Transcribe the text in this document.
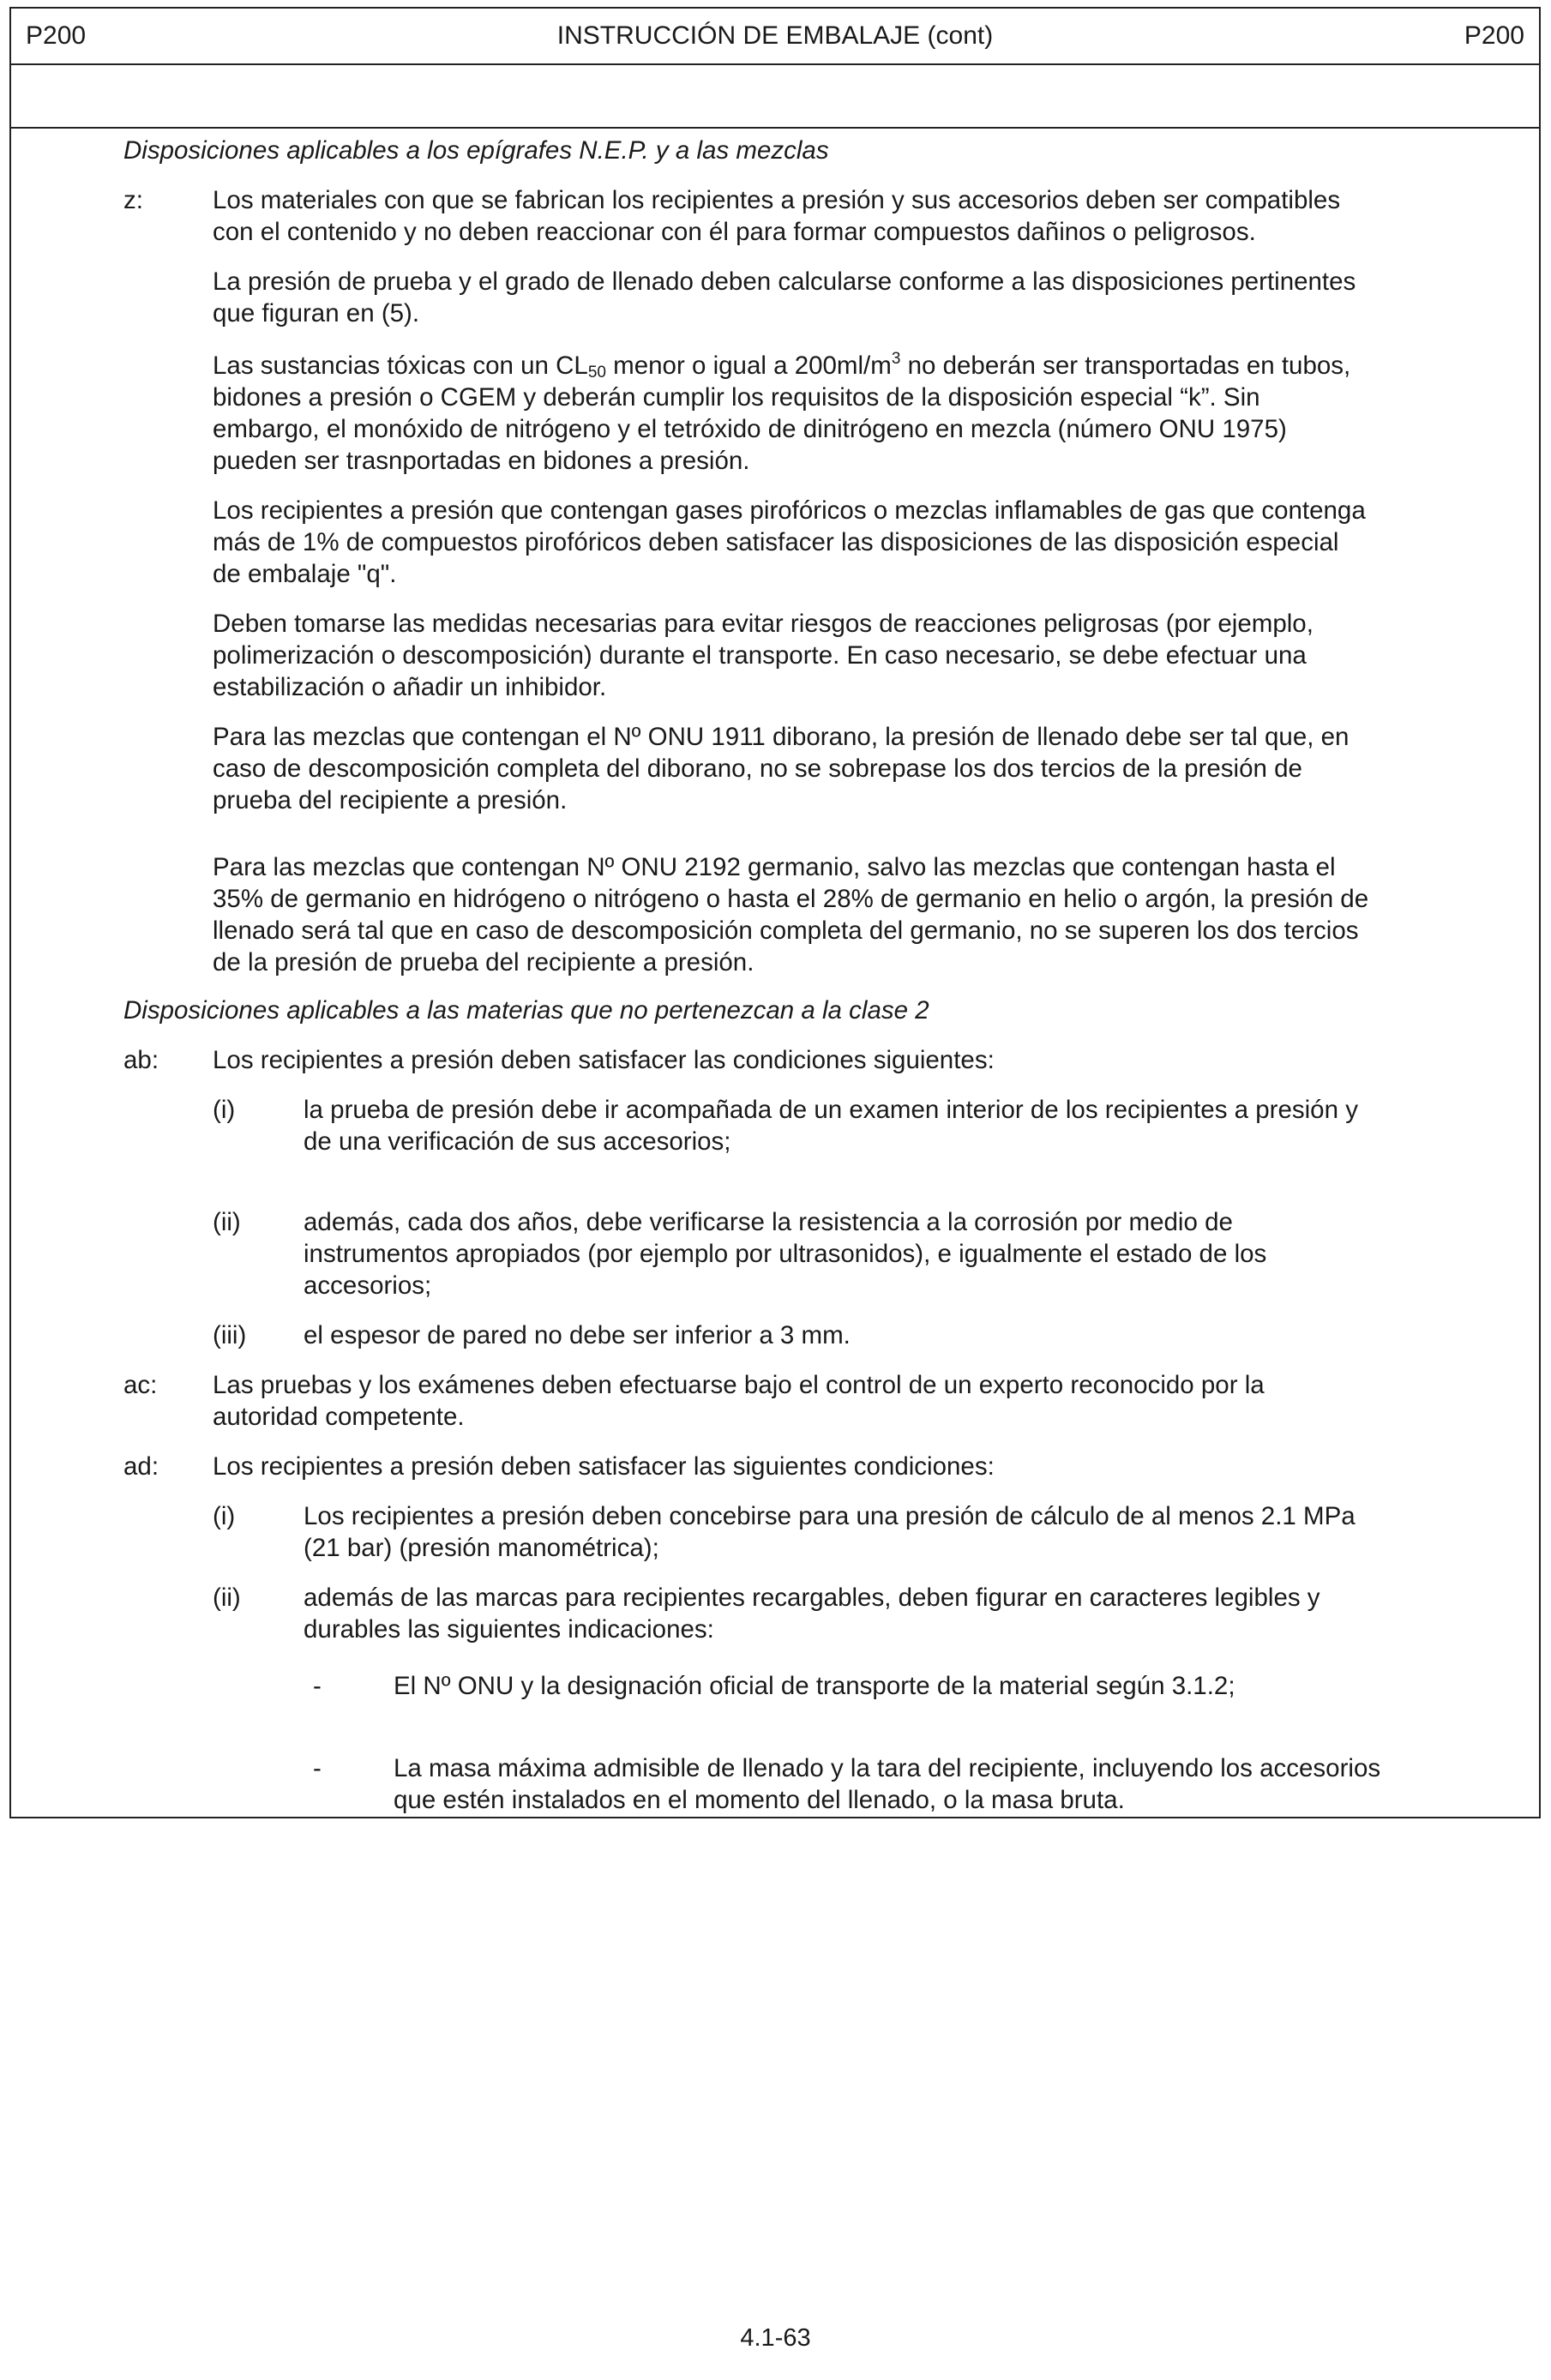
P200	INSTRUCCIÓN DE EMBALAJE (cont)	P200
Disposiciones aplicables a los epígrafes N.E.P. y a las mezclas
z:	Los materiales con que se fabrican los recipientes a presión y sus accesorios deben ser compatibles
con el contenido y no deben reaccionar con él para formar compuestos dañinos o peligrosos.
La presión de prueba y el grado de llenado deben calcularse conforme a las disposiciones pertinentes
que figuran en (5).
Las sustancias tóxicas con un $CL_{50}$ menor o igual a $200ml/m^3$ no deberán ser transportadas en tubos,
bidones a presión o CGEM y deberán cumplir los requisitos de la disposición especial “k”. Sin
embargo, el monóxido de nitrógeno y el tetróxido de dinitrógeno en mezcla (número ONU 1975)
pueden ser trasnportadas en bidones a presión.
Los recipientes a presión que contengan gases pirofóricos o mezclas inflamables de gas que contenga
más de 1% de compuestos pirofóricos deben satisfacer las disposiciones de las disposición especial
de embalaje "q".
Deben tomarse las medidas necesarias para evitar riesgos de reacciones peligrosas (por ejemplo,
polimerización o descomposición) durante el transporte. En caso necesario, se debe efectuar una
estabilización o añadir un inhibidor.
Para las mezclas que contengan el Nº ONU 1911 diborano, la presión de llenado debe ser tal que, en
caso de descomposición completa del diborano, no se sobrepase los dos tercios de la presión de
prueba del recipiente a presión.
Para las mezclas que contengan Nº ONU 2192 germanio, salvo las mezclas que contengan hasta el
35% de germanio en hidrógeno o nitrógeno o hasta el 28% de germanio en helio o argón, la presión de
llenado será tal que en caso de descomposición completa del germanio, no se superen los dos tercios
de la presión de prueba del recipiente a presión.
Disposiciones aplicables a las materias que no pertenezcan a la clase 2
ab: Los recipientes a presión deben satisfacer las condiciones siguientes:
(i)	la prueba de presión debe ir acompañada de un examen interior de los recipientes a presión y
de una verificación de sus accesorios;
(ii) además, cada dos años, debe verificarse la resistencia a la corrosión por medio de
instrumentos apropiados (por ejemplo por ultrasonidos), e igualmente el estado de los
accesorios;
(iii) el espesor de pared no debe ser inferior a 3 mm.
ac: Las pruebas y los exámenes deben efectuarse bajo el control de un experto reconocido por la
autoridad competente.
ad: Los recipientes a presión deben satisfacer las siguientes condiciones:
(i)	Los recipientes a presión deben concebirse para una presión de cálculo de al menos 2.1 MPa
(21 bar) (presión manométrica);
(ii) además de las marcas para recipientes recargables, deben figurar en caracteres legibles y
durables las siguientes indicaciones:
-	El Nº ONU y la designación oficial de transporte de la material según 3.1.2;
-	La masa máxima admisible de llenado y la tara del recipiente, incluyendo los accesorios
que estén instalados en el momento del llenado, o la masa bruta.
4.1-63
